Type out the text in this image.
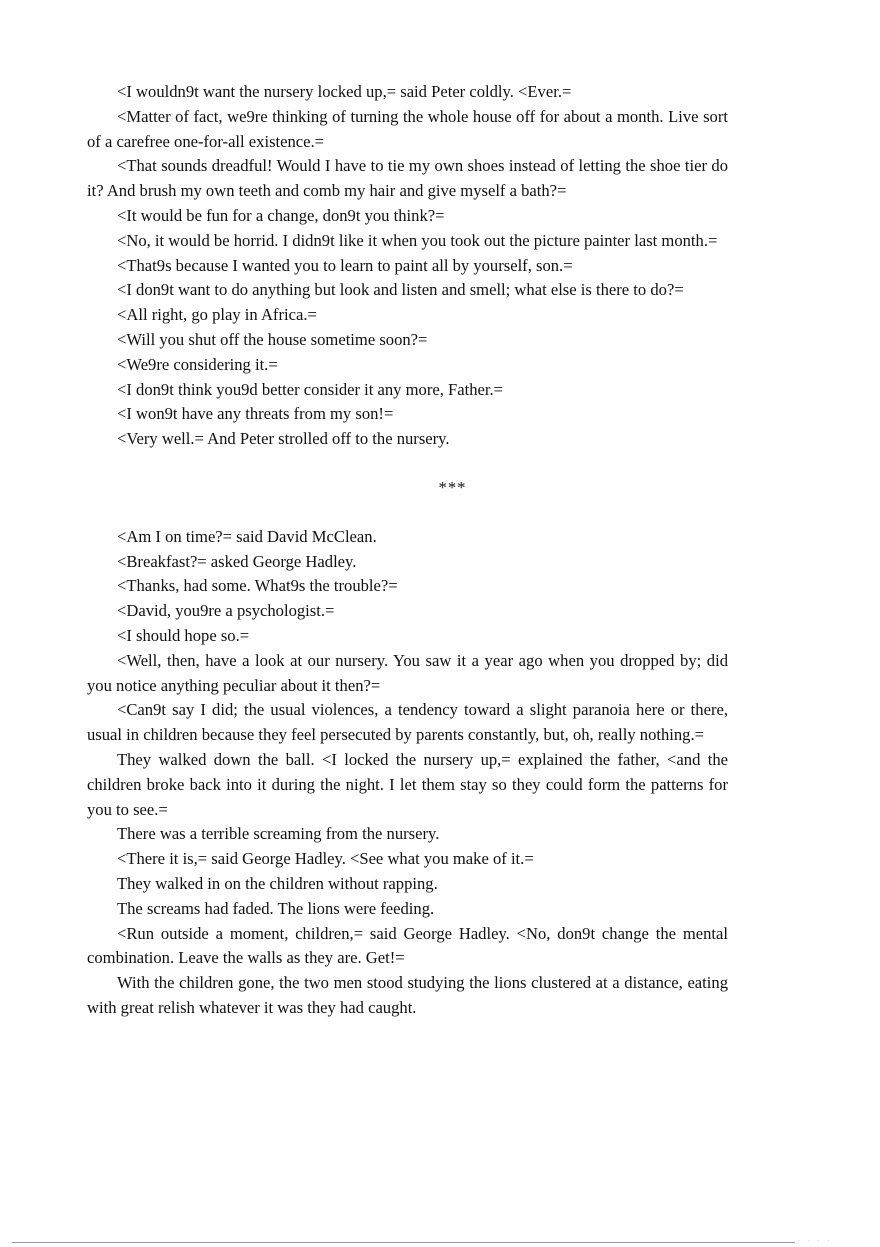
<I wouldn9t want the nursery locked up,= said Peter coldly. <Ever.=

<Matter of fact, we9re thinking of turning the whole house off for about a month. Live sort of a carefree one-for-all existence.=

<That sounds dreadful! Would I have to tie my own shoes instead of letting the shoe tier do it? And brush my own teeth and comb my hair and give myself a bath?=

<It would be fun for a change, don9t you think?=

<No, it would be horrid. I didn9t like it when you took out the picture painter last month.=

<That9s because I wanted you to learn to paint all by yourself, son.=

<I don9t want to do anything but look and listen and smell; what else is there to do?=

<All right, go play in Africa.=

<Will you shut off the house sometime soon?=

<We9re considering it.=

<I don9t think you9d better consider it any more, Father.=

<I won9t have any threats from my son!=

<Very well.= And Peter strolled off to the nursery.

***

<Am I on time?= said David McClean.

<Breakfast?= asked George Hadley.

<Thanks, had some. What9s the trouble?=

<David, you9re a psychologist.=

<I should hope so.=

<Well, then, have a look at our nursery. You saw it a year ago when you dropped by; did you notice anything peculiar about it then?=

<Can9t say I did; the usual violences, a tendency toward a slight paranoia here or there, usual in children because they feel persecuted by parents constantly, but, oh, really nothing.=

They walked down the ball. <I locked the nursery up,= explained the father, <and the children broke back into it during the night. I let them stay so they could form the patterns for you to see.=

There was a terrible screaming from the nursery.

<There it is,= said George Hadley. <See what you make of it.=

They walked in on the children without rapping.

The screams had faded. The lions were feeding.

<Run outside a moment, children,= said George Hadley. <No, don9t change the mental combination. Leave the walls as they are. Get!=

With the children gone, the two men stood studying the lions clustered at a distance, eating with great relish whatever it was they had caught.

· · · ·
